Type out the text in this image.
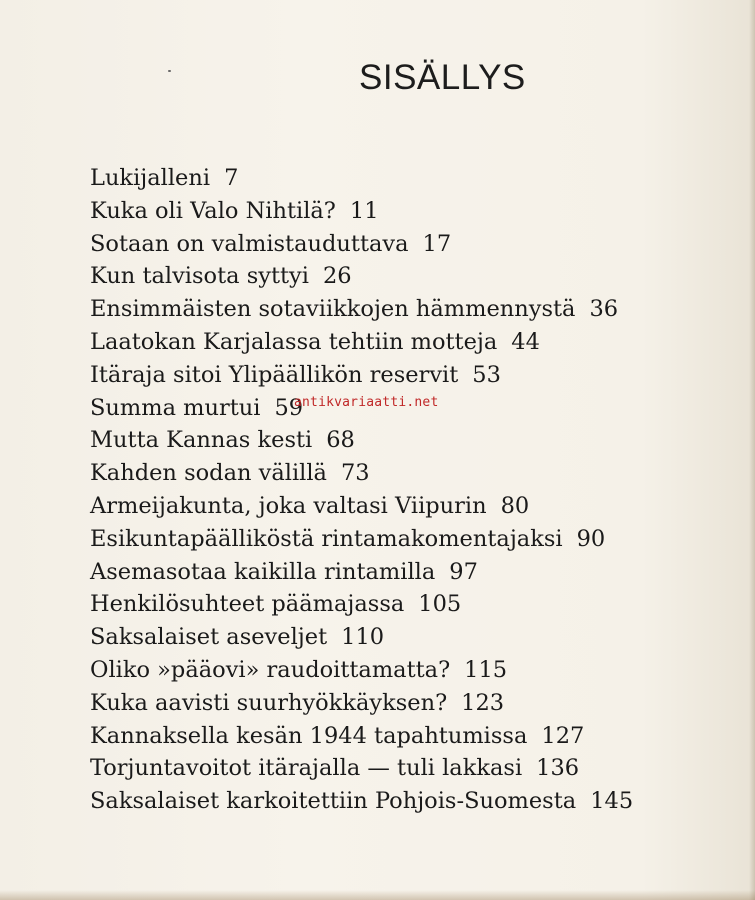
SISÄLLYS
Lukijalleni 7
Kuka oli Valo Nihtilä? 11
Sotaan on valmistauduttava 17
Kun talvisota syttyi 26
Ensimmäisten sotaviikkojen hämmennystä 36
Laatokan Karjalassa tehtiin motteja 44
Itäraja sitoi Ylipäällikön reservit 53
Summa murtui 59
Mutta Kannas kesti 68
Kahden sodan välillä 73
Armeijakunta, joka valtasi Viipurin 80
Esikuntapäälliköstä rintamakomentajaksi 90
Asemasotaa kaikilla rintamilla 97
Henkilösuhteet päämajassa 105
Saksalaiset aseveljet 110
Oliko »pääovi» raudoittamatta? 115
Kuka aavisti suurhyökkäyksen? 123
Kannaksella kesän 1944 tapahtumissa 127
Torjuntavoitot itärajalla — tuli lakkasi 136
Saksalaiset karkoitettiin Pohjois-Suomesta 145
antikvariaatti.net
